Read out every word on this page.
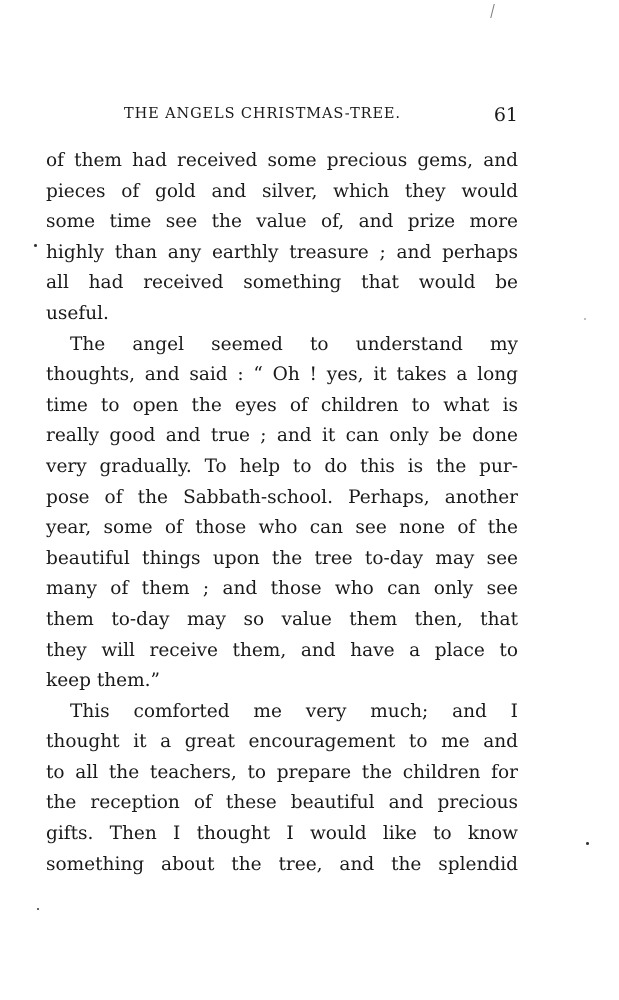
THE ANGELS CHRISTMAS-TREE.	61
of them had received some precious gems, and
pieces of gold and silver, which they would
some time see the value of, and prize more
highly than any earthly treasure ; and perhaps
all had received something that would be
useful.
The angel seemed to understand my
thoughts, and said : “ Oh ! yes, it takes a long
time to open the eyes of children to what is
really good and true ; and it can only be done
very gradually. To help to do this is the pur-
pose of the Sabbath-school. Perhaps, another
year, some of those who can see none of the
beautiful things upon the tree to-day may see
many of them ; and those who can only see
them to-day may so value them then, that
they will receive them, and have a place to
keep them.”
This comforted me very much; and I
thought it a great encouragement to me and
to all the teachers, to prepare the children for
the reception of these beautiful and precious
gifts. Then I thought I would like to know
something about the tree, and the splendid
